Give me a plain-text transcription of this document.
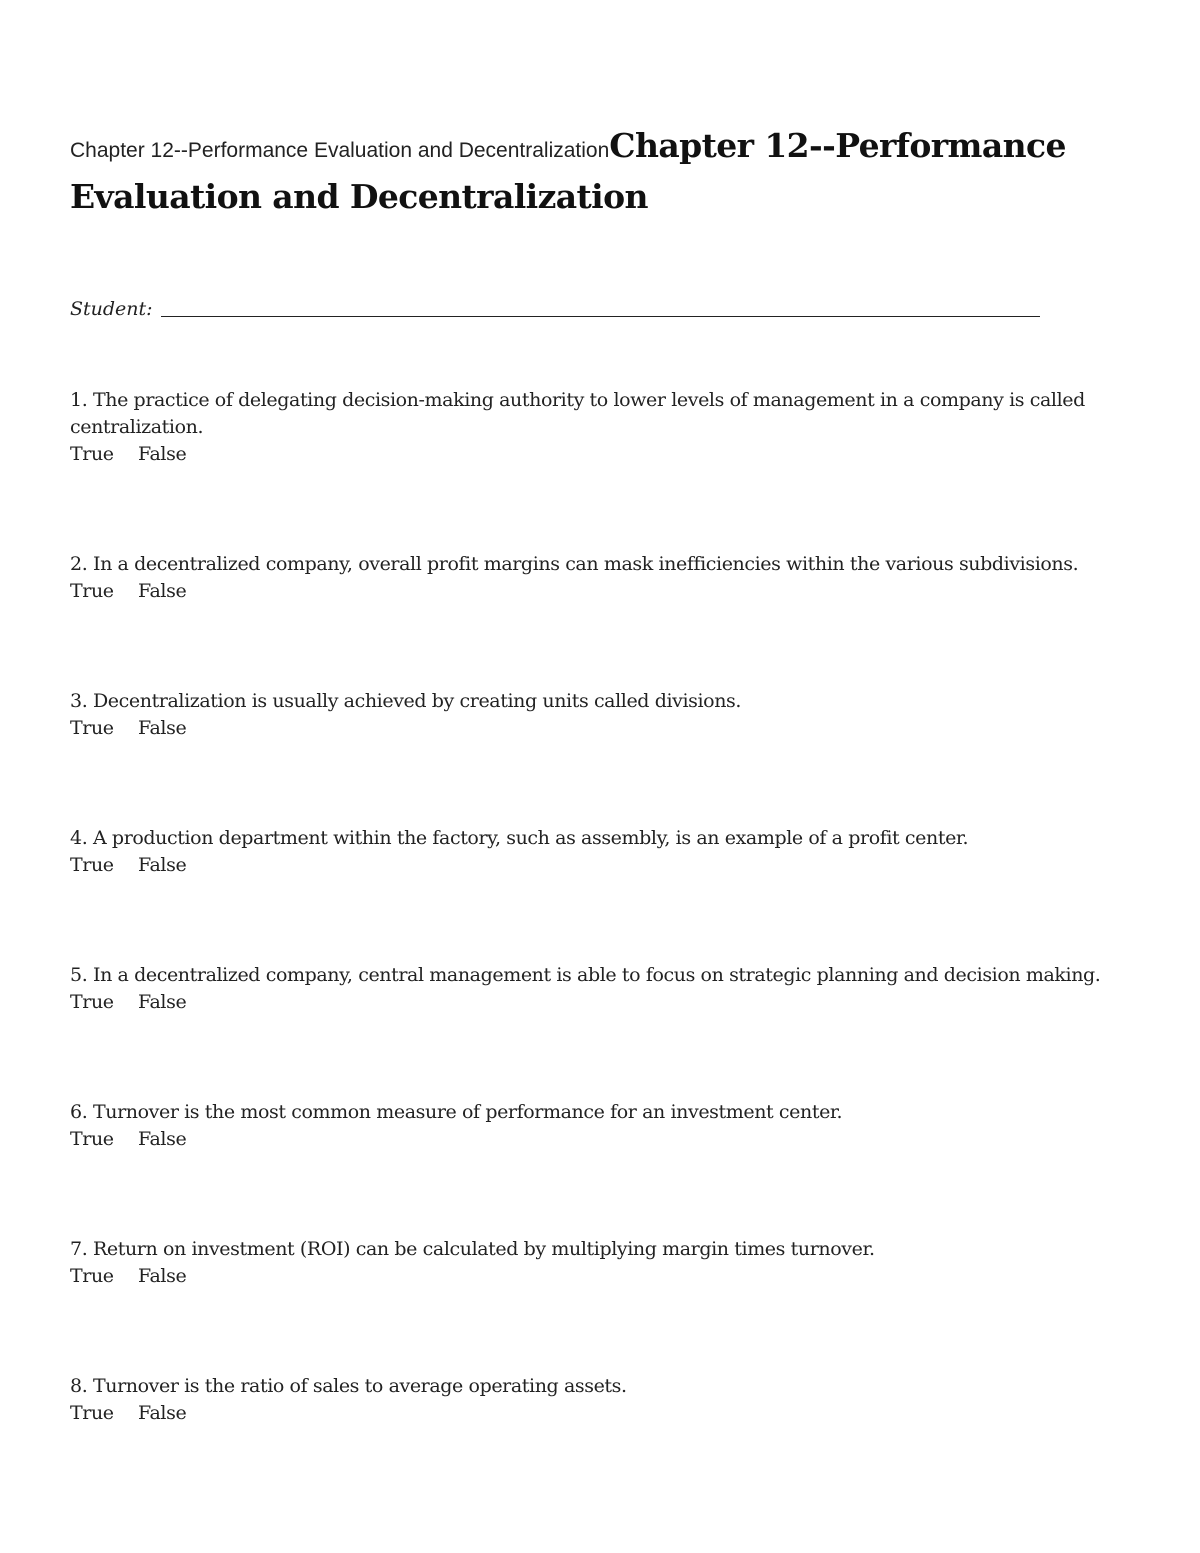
Chapter 12--Performance Evaluation and DecentralizationChapter 12--Performance Evaluation and Decentralization
Student:
1. The practice of delegating decision-making authority to lower levels of management in a company is called centralization.
True	False
2. In a decentralized company, overall profit margins can mask inefficiencies within the various subdivisions.
True	False
3. Decentralization is usually achieved by creating units called divisions.
True	False
4. A production department within the factory, such as assembly, is an example of a profit center.
True	False
5. In a decentralized company, central management is able to focus on strategic planning and decision making.
True	False
6. Turnover is the most common measure of performance for an investment center.
True	False
7. Return on investment (ROI) can be calculated by multiplying margin times turnover.
True	False
8. Turnover is the ratio of sales to average operating assets.
True	False
